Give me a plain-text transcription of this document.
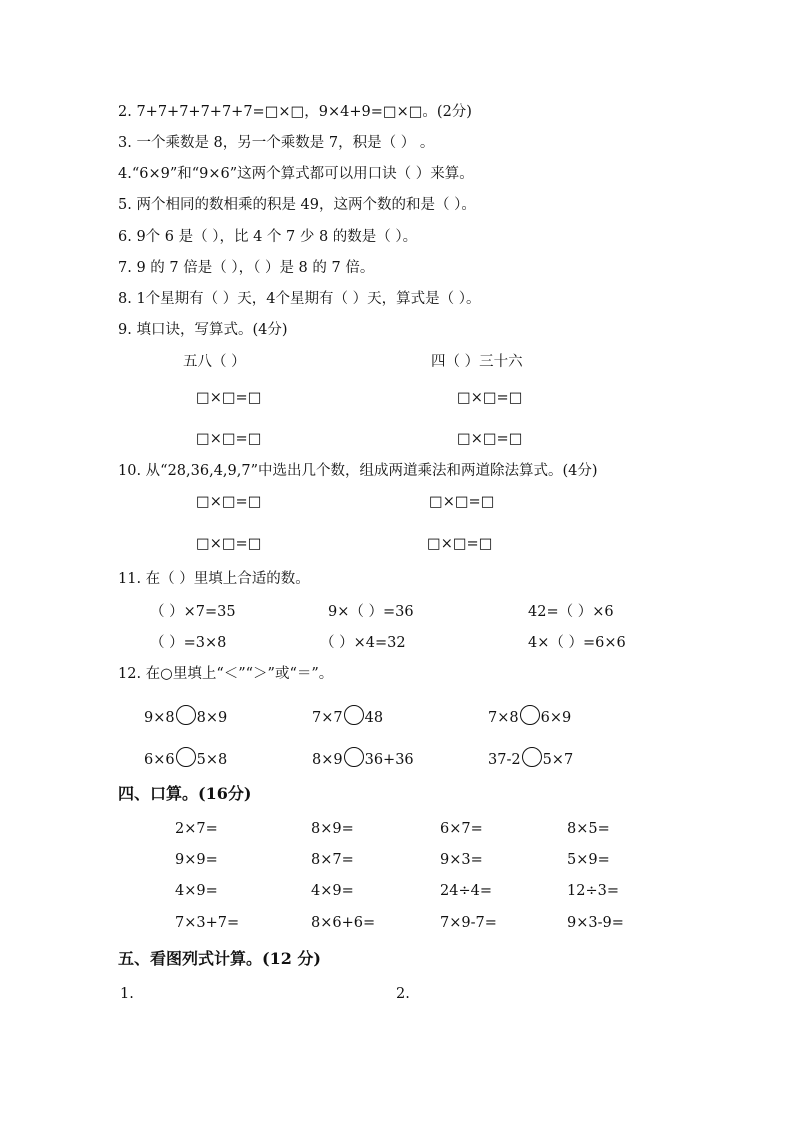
2. 7+7+7+7+7+7=□×□，9×4+9=□×□。(2分)
3. 一个乘数是 8，另一个乘数是 7，积是（ ） 。
4.“6×9”和“9×6”这两个算式都可以用口诀（ ）来算。
5. 两个相同的数相乘的积是 49，这两个数的和是（ ）。
6. 9个 6 是（ ），比 4 个 7 少 8 的数是（ ）。
7. 9 的 7 倍是（ ），（ ）是 8 的 7 倍。
8. 1个星期有（ ）天，4个星期有（ ）天，算式是（ ）。
9. 填口诀，写算式。(4分)
五八（ ）	四（ ）三十六
□×□=□	□×□=□
□×□=□	□×□=□
10. 从“28,36,4,9,7”中选出几个数，组成两道乘法和两道除法算式。(4分)
□×□=□	□×□=□
□×□=□	□×□=□
11. 在（ ）里填上合适的数。
（ ）×7=35	9×（ ）=36	42=（ ）×6
（ ）=3×8	（ ）×4=32	4×（ ）=6×6
12. 在○里填上“＜”“＞”或“＝”。
9×8 8×9	7×7 48	7×8 6×9
6×6 5×8	8×9 36+36	37-2 5×7
四、口算。(16分)
2×7=	8×9=	6×7=	8×5=
9×9=	8×7=	9×3=	5×9=
4×9=	4×9=	24÷4=	12÷3=
7×3+7=	8×6+6=	7×9-7=	9×3-9=
五、看图列式计算。(12 分)
1.	2.
